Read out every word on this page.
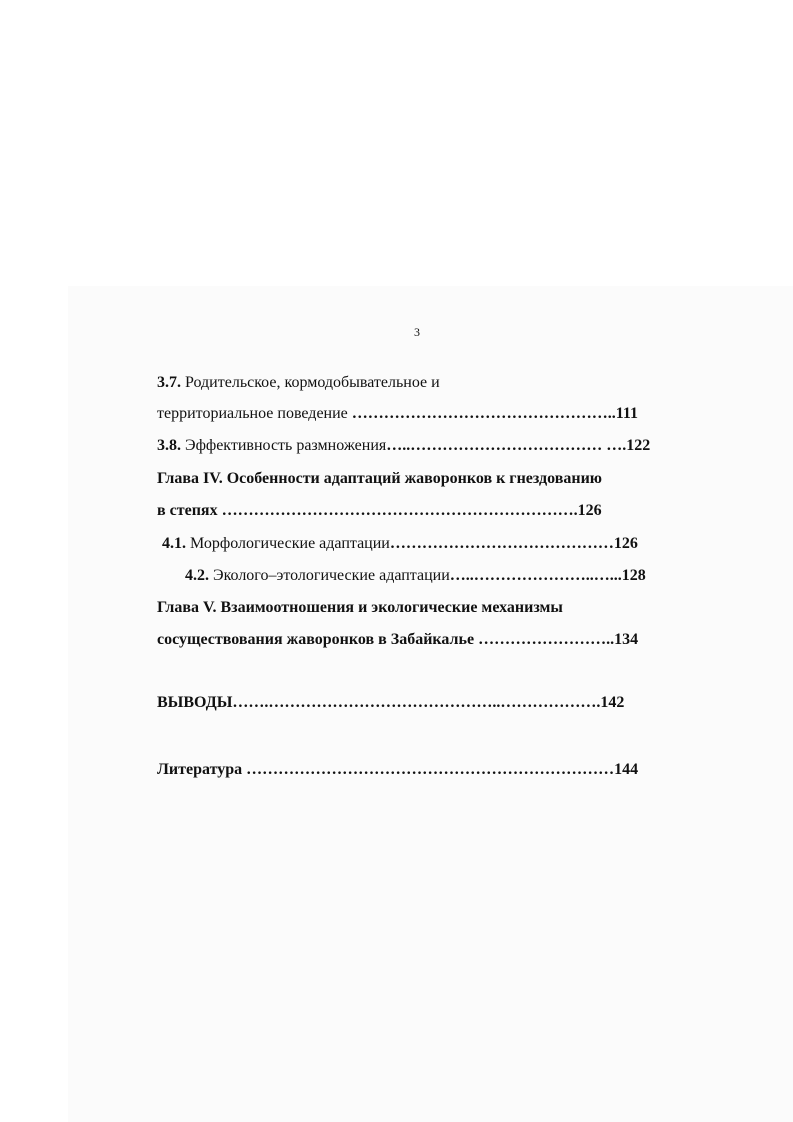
3
3.7. Родительское, кормодобывательное и
территориальное поведение …………………………………………..111
3.8. Эффективность размножения…..……………………………… ….122
Глава IV. Особенности адаптаций жаворонков к гнездованию
в степях ………………………………………………………….126
4.1. Морфологические адаптации……………………………………126
4.2. Эколого–этологические адаптации…..…………………..…...128
Глава V. Взаимоотношения и экологические механизмы
сосуществования жаворонков в Забайкалье ……………………..134
ВЫВОДЫ…….……………………………………..……………….142
Литература ……………………………………………………………144
